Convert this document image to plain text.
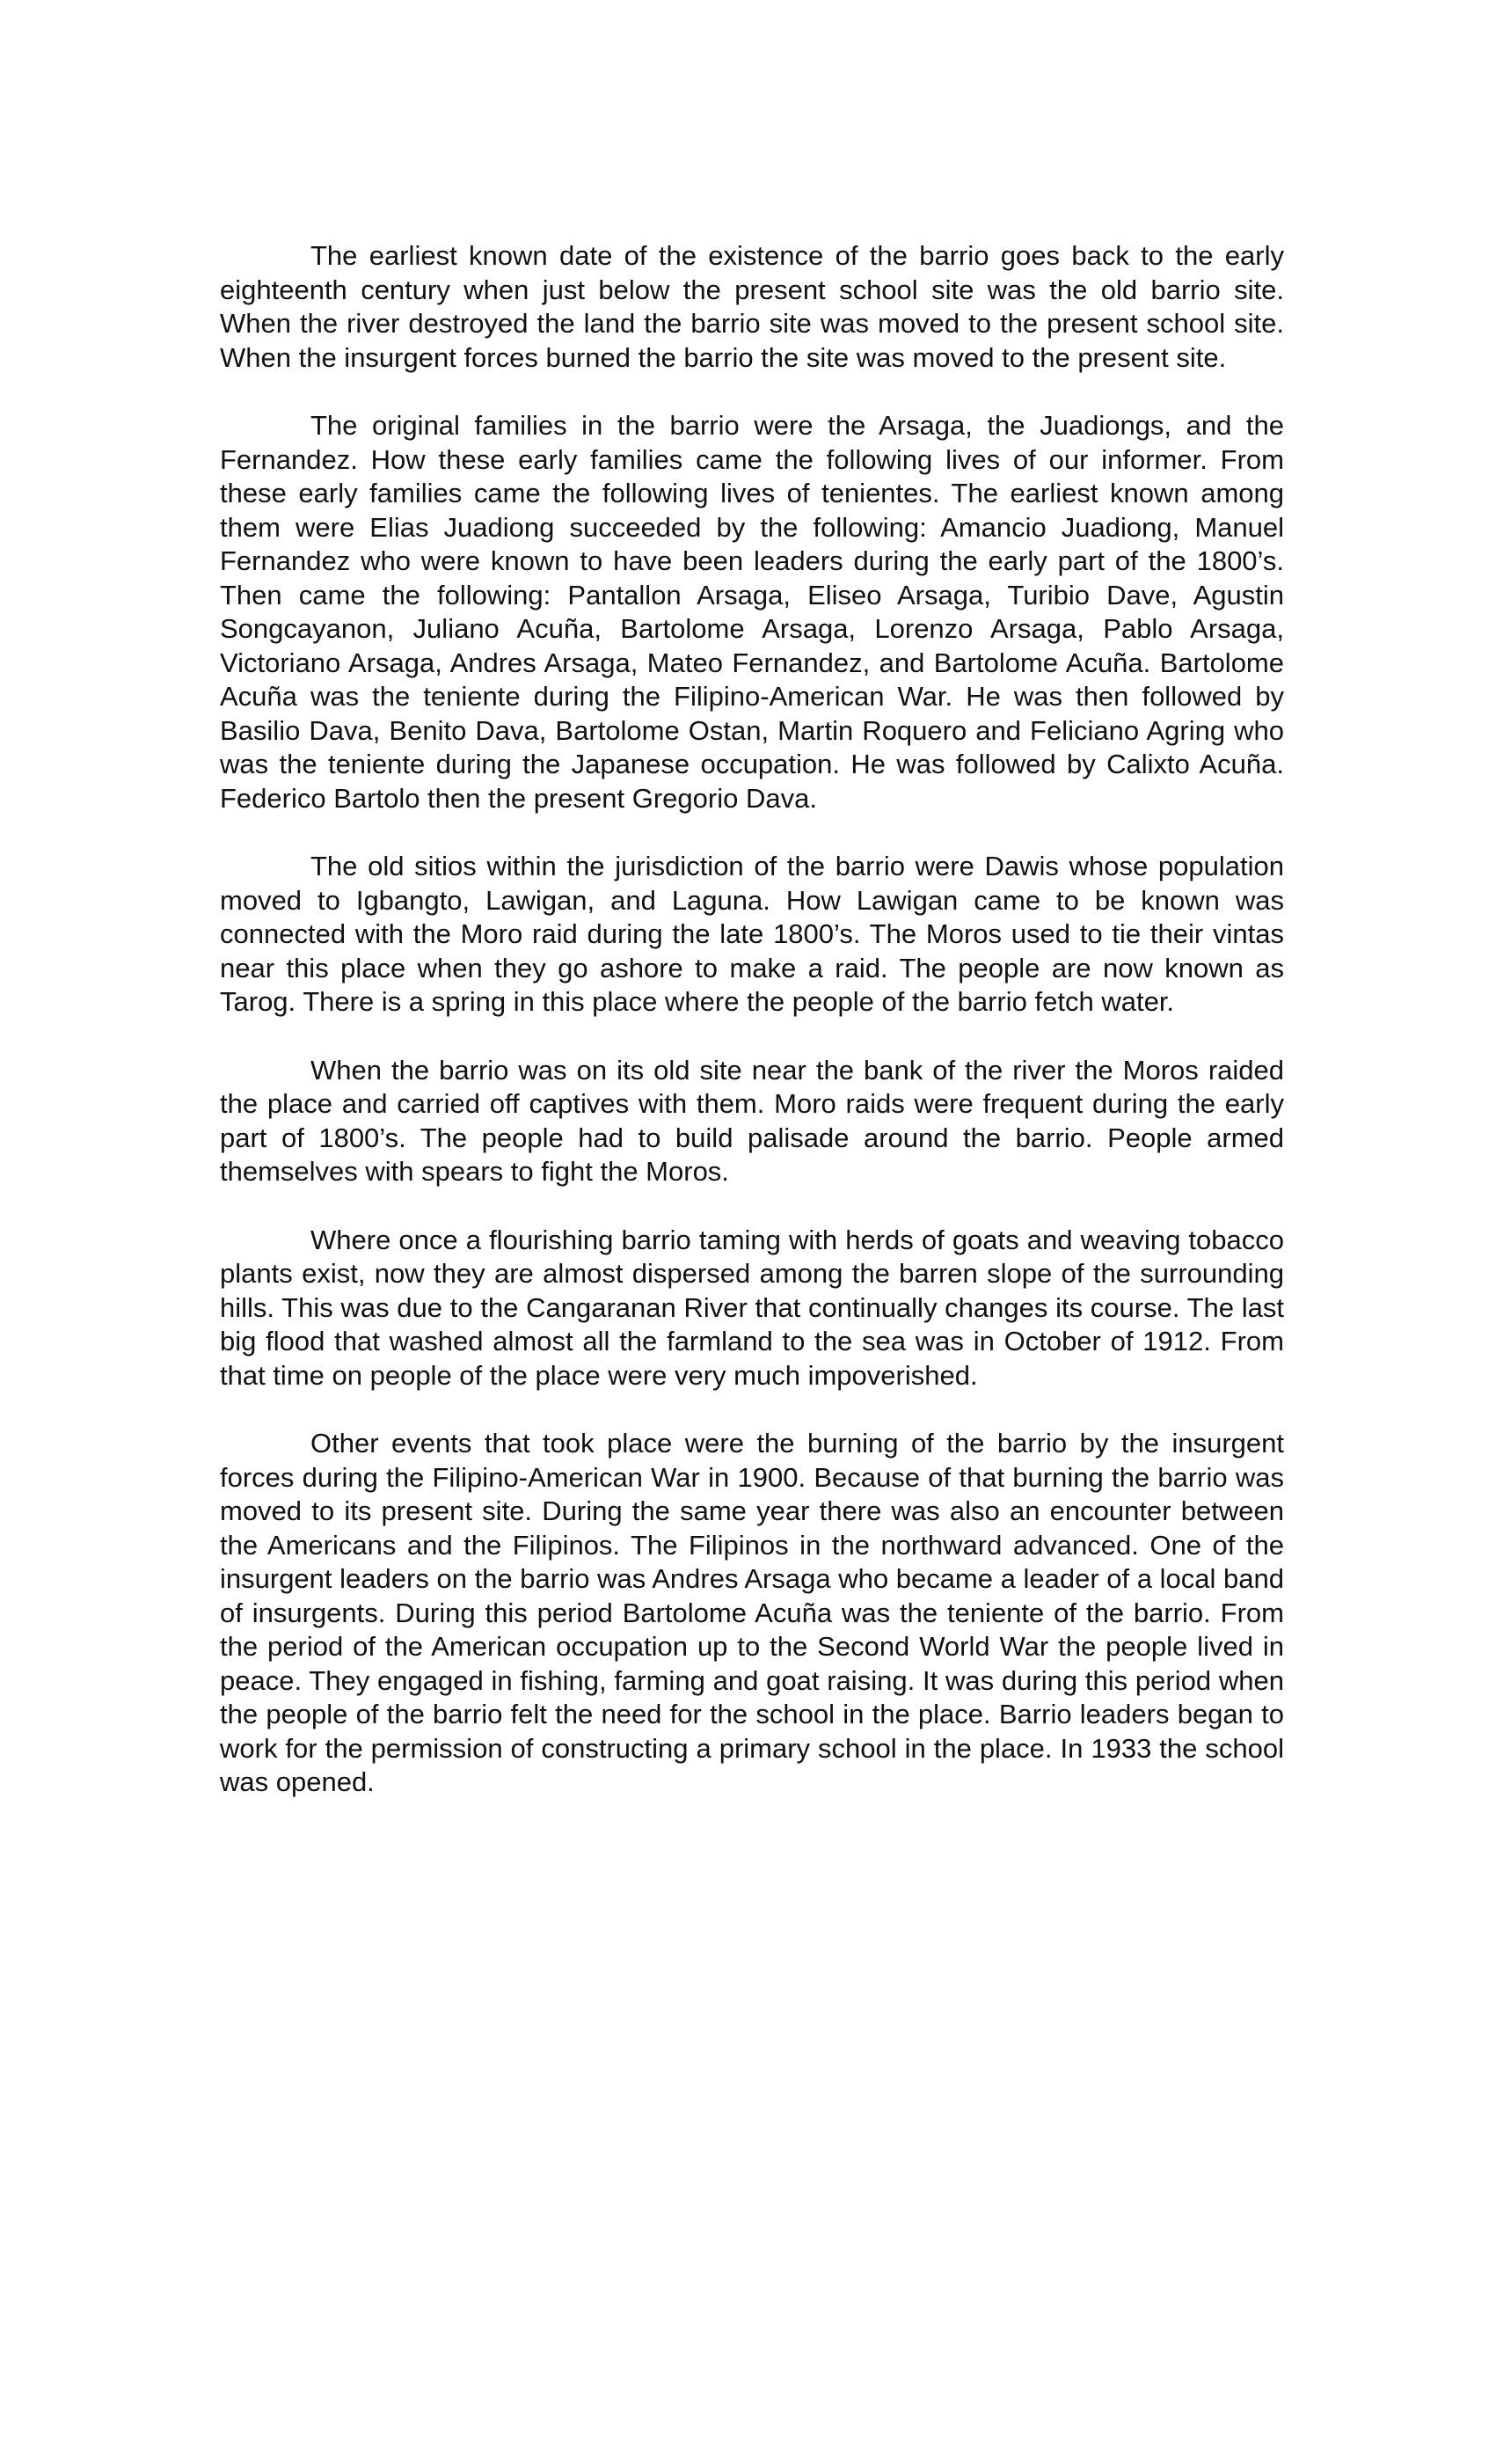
The earliest known date of the existence of the barrio goes back to the early eighteenth century when just below the present school site was the old barrio site. When the river destroyed the land the barrio site was moved to the present school site. When the insurgent forces burned the barrio the site was moved to the present site.

The original families in the barrio were the Arsaga, the Juadiongs, and the Fernandez. How these early families came the following lives of our informer. From these early families came the following lives of tenientes. The earliest known among them were Elias Juadiong succeeded by the following: Amancio Juadiong, Manuel Fernandez who were known to have been leaders during the early part of the 1800’s. Then came the following: Pantallon Arsaga, Eliseo Arsaga, Turibio Dave, Agustin Songcayanon, Juliano Acuña, Bartolome Arsaga, Lorenzo Arsaga, Pablo Arsaga, Victoriano Arsaga, Andres Arsaga, Mateo Fernandez, and Bartolome Acuña. Bartolome Acuña was the teniente during the Filipino-American War. He was then followed by Basilio Dava, Benito Dava, Bartolome Ostan, Martin Roquero and Feliciano Agring who was the teniente during the Japanese occupation. He was followed by Calixto Acuña. Federico Bartolo then the present Gregorio Dava.

The old sitios within the jurisdiction of the barrio were Dawis whose population moved to Igbangto, Lawigan, and Laguna. How Lawigan came to be known was connected with the Moro raid during the late 1800’s. The Moros used to tie their vintas near this place when they go ashore to make a raid. The people are now known as Tarog. There is a spring in this place where the people of the barrio fetch water.

When the barrio was on its old site near the bank of the river the Moros raided the place and carried off captives with them. Moro raids were frequent during the early part of 1800’s. The people had to build palisade around the barrio. People armed themselves with spears to fight the Moros.

Where once a flourishing barrio taming with herds of goats and weaving tobacco plants exist, now they are almost dispersed among the barren slope of the surrounding hills. This was due to the Cangaranan River that continually changes its course. The last big flood that washed almost all the farmland to the sea was in October of 1912. From that time on people of the place were very much impoverished.

Other events that took place were the burning of the barrio by the insurgent forces during the Filipino-American War in 1900. Because of that burning the barrio was moved to its present site. During the same year there was also an encounter between the Americans and the Filipinos. The Filipinos in the northward advanced. One of the insurgent leaders on the barrio was Andres Arsaga who became a leader of a local band of insurgents. During this period Bartolome Acuña was the teniente of the barrio. From the period of the American occupation up to the Second World War the people lived in peace. They engaged in fishing, farming and goat raising. It was during this period when the people of the barrio felt the need for the school in the place. Barrio leaders began to work for the permission of constructing a primary school in the place. In 1933 the school was opened.
